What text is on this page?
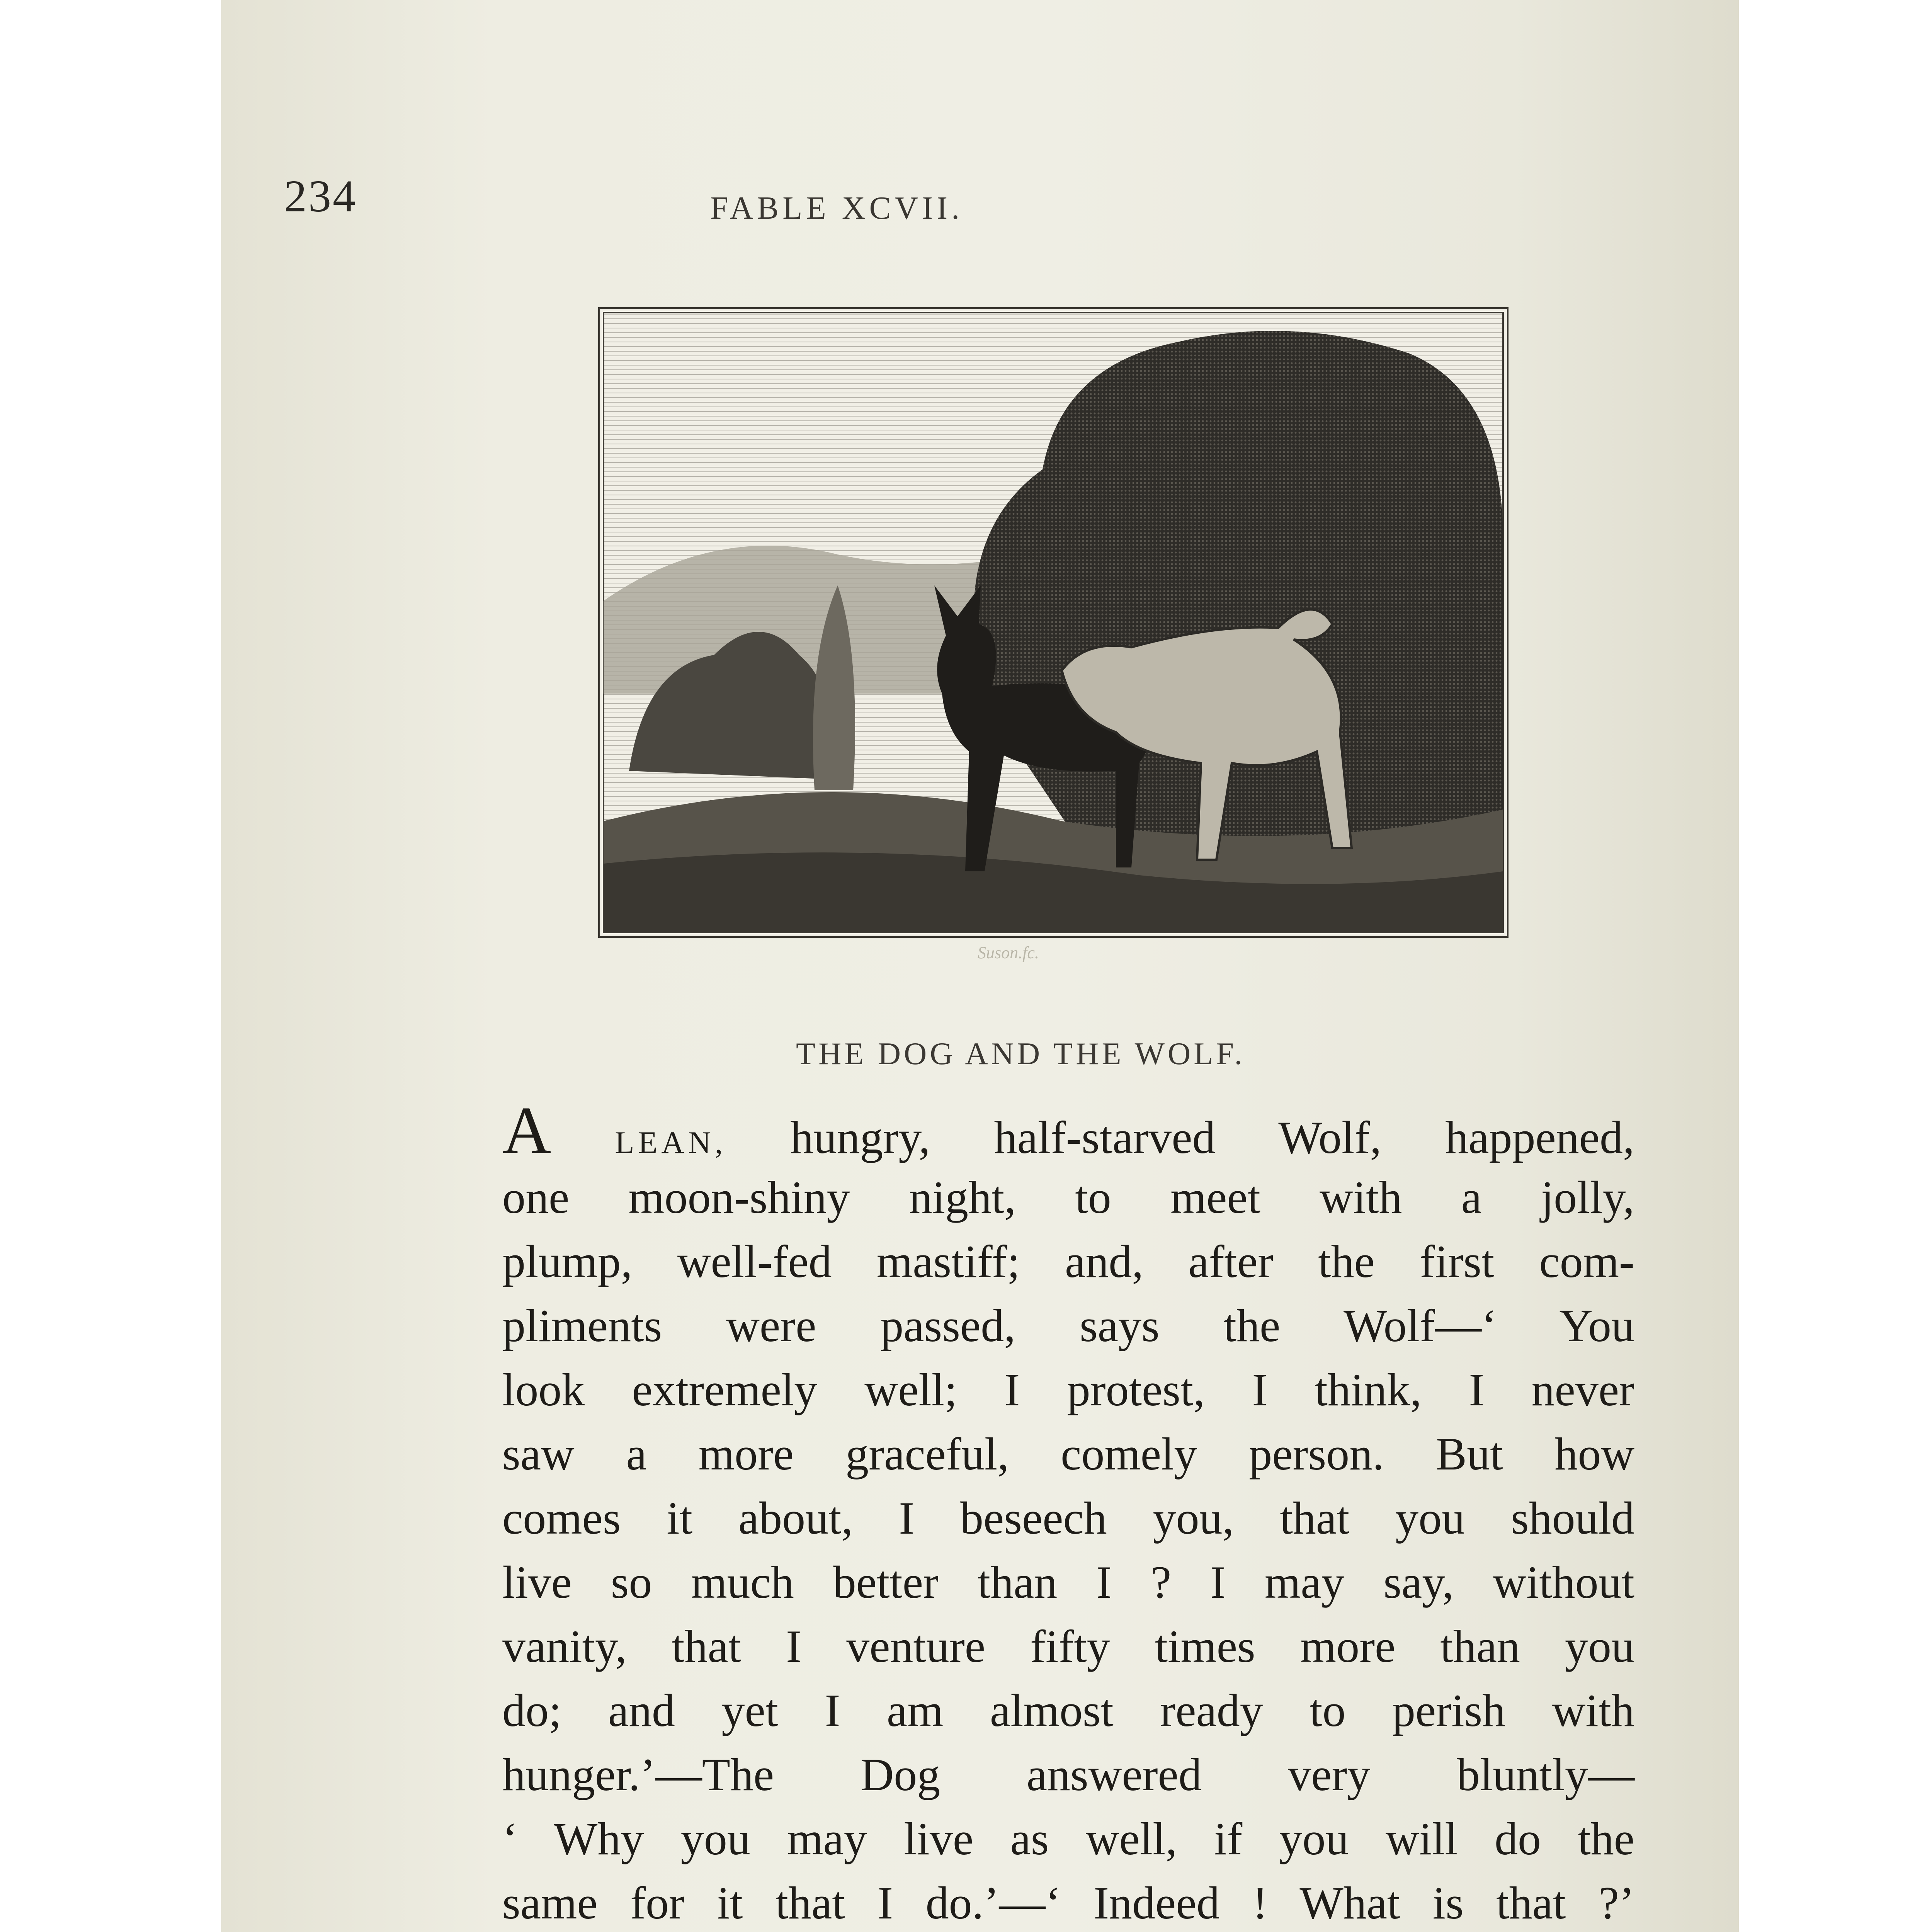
234	FABLE XCVII.
Suson.fc.
THE DOG AND THE WOLF.
A LEAN, hungry, half-starved Wolf, happened,
one moon-shiny night, to meet with a jolly,
plump, well-fed mastiff; and, after the first com-
pliments were passed, says the Wolf—‘ You
look extremely well; I protest, I think, I never
saw a more graceful, comely person. But how
comes it about, I beseech you, that you should
live so much better than I ? I may say, without
vanity, that I venture fifty times more than you
do; and yet I am almost ready to perish with
hunger.’—The Dog answered very bluntly—
‘ Why you may live as well, if you will do the
same for it that I do.’—‘ Indeed ! What is that ?’
